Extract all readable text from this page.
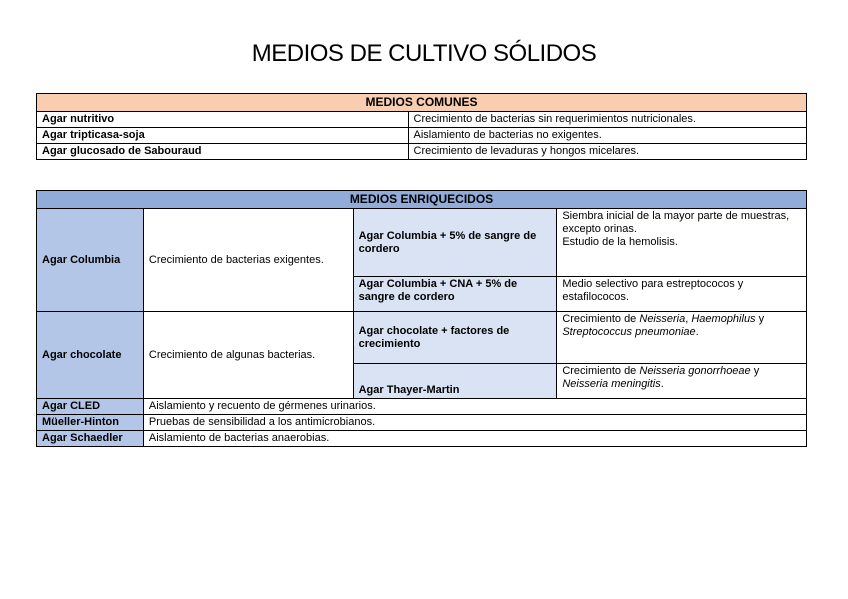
MEDIOS DE CULTIVO SÓLIDOS
MEDIOS COMUNES	
Agar nutritivo	Crecimiento de bacterias sin requerimientos nutricionales.
Agar tripticasa-soja	Aislamiento de bacterias no exigentes.
Agar glucosado de Sabouraud	Crecimiento de levaduras y hongos micelares.
MEDIOS ENRIQUECIDOS			
Agar Columbia	Crecimiento de bacterias exigentes.	Agar Columbia + 5% de sangre de cordero	Siembra inicial de la mayor parte de muestras, excepto orinas.
Estudio de la hemolisis.

		Agar Columbia + CNA + 5% de sangre de cordero	Medio selectivo para estreptococos y estafilococos.
Agar chocolate	Crecimiento de algunas bacterias.	Agar chocolate + factores de crecimiento	Crecimiento de Neisseria, Haemophilus y Streptococcus pneumoniae.
		Agar Thayer-Martin	Crecimiento de Neisseria gonorrhoeae y Neisseria meningitis.
Agar CLED	Aislamiento y recuento de gérmenes urinarios.		
Müeller-Hinton	Pruebas de sensibilidad a los antimicrobianos.		
Agar Schaedler	Aislamiento de bacterias anaerobias.		
